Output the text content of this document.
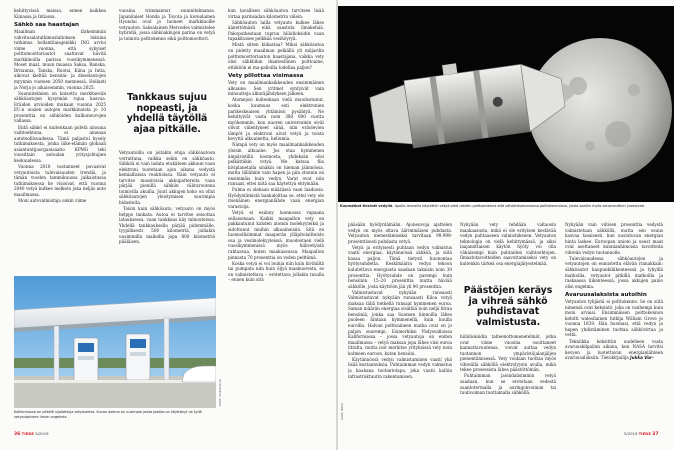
kehittyvissä maissa, ennen kaikkea Kiinassa ja Intiassa.

Sähkö saa haastajan

Maailman tärkeimmän vahvitusalatutkimuslaitoksen lukuina tutkimus hollantilaisgenikki ING arvioi viime vuonna, että sykyiset polttomoottoriautot saattavat hävitä markkinoilla parissa vuosikymmenessä. Moset maat, muun muassa Saksa, Ranska, Britannia, Tanska, Ruotsi, Kiina ja Intia, aikovat kieltää bensiini- ja dieselautojen myynnin vuoteen 2050 mennessä, Hollanti ja Norja jo aikaisemmin, vuonna 2025.

Suunnitelmien on katsottu merkitsevän sähköautojen kysynnän rajua kasvua. Eräiden arvioiden mukaan vuonna 2025 EU:n uusien autojen markkinoista jo 10 prosenttia on sähköiden kulkuneuvojen vallassa.

Entä sähkö ei kuitenkaan pidetä ainoana vaihtoehtona, ei aineaan autoteollisuudessa. Tämä paljastui kysely tutkimuksesta, jonka liike-elämän globaali asiantuntijaorganisaatio KPMG teki vuosittain autoalan yritysjohtajien keskuudessa.

Vuonna 2018 vastanneet povasivat vetyautoista tulevaisuuden trendiä, ja tämän vuoden tammikuussa julkaistussa tutkimuksessa he visioivat, että vuonna 2040 vetyä kulkee melkein joka neljäs auto maailmassa.

Moni autovalmistaja onkin viime

vuosina trimmannut suunnitelmansa. Japanilaiset Honda ja Toyota ja korealainen Hyundai ovat jo tuoneet markkinoille vetyauton. Saksalainen Mercedes valmistelee hybridiä, jossa sähköakkujen parina on vetyä ja toimiva polttokenno eikä polttomoottori.

Tankkaus sujuu nopeasti, ja yhdellä täytöllä ajaa pitkälle.

Vetyautoilla on joitakin etuja sähköautoon verrattuna, vaikka sekin on sähköauto. Sähköä ei vain ladata etukäteen akkuun vaan elektroni tuotetaan ajon aikana vedystä kemiallisissa reaktioissa. Näin vetyauto ei tarvitse massiivisia akkupattereita vaan pärjää pienillä sähkön väliraroutena toimivilla akuilla. Juuri akkujen koko on ollut sähköautojen yleistymisen suurimpia hidasteita.

Toisin kuin sähköauto, vetyauto on myös helppo tankata. Autoa ei tarvitse seisottaa latauksessa, vaan tankkaus käy minuuteissa. Yhdellä tankkauksella pärjää pidemmälle, tyypillisesti 500 kilometriä, joillakin uusimmilla malleilla jopa 800 kilometriä pääläisen,

kun tavallisen sähköauton tarvitsee lisää virtaa parinsadan kilometrin välein.

Sähköauton lailla vetyauto kulkee lähes äänettömästi eikä saastuta ilmakehää. Pakoputkestaan tupruu hiilidioksidin vaan tupakituisee pelkkää vesihöyryä.

Mistä sitten kiikastaa? Miksi sähköautoa on pidetty maailman pelkällä yli miljardin polttomoottoriauton haastajana, vaikka vety olisi sähkliikin ihanteellinen polttoaine, ettäköön ei ma-palloilla todellaa paljon?

Vety piilottaa visimassa

Vety on maailmankaikkeuden ensimmäinen alkuaine. Sen yritmet syntyivät vain minuutteja alkuräjähdyksen jälkeen.

Atomejosi kuitenkaan vielä muodostunut, koska kuumuus esti elektronien parikeskeaisen yhtämissi pysähtyä. Ne kehittyivät vasta noin 380 000 vuotta myöhemmin, kun nuoren universumin oivät olivat viilentyneet siinä, niin eräolevien lämpöt ja elektroni aivat vetyä ja toista kevyttä alkuainetta, heliumia.

Nämpä vety on myös maailmankaikkeuden yleisin alkuaine. Jos otaa kymmenen ämpäristillä kosmosta, yhdeksän olisi pelkättäkin vetyä. Me katsaa flia kiviplanetalla sinäkin on hieman jäännössa, mutta tällähkin vain hapen ja piin stonnin on ensimmäis kuin vedyn. Varat ovat niin runsaat, ettei niitä saa käytettyä ehtymään.

Pulma ei olekaan määrässä vaan laadussa. Hyödyntämistä hankaloittaa se, ettei vety ole itsenäinen energianlähde vaan energian varastoija.

Vetyä ei esiinny luonnossa vapaana sellaisenaan. Kaikki maapallon vety on pakkautunut kahden atomin molekyyleiksi ja sidottunut muihin alkuaineisiin. Sitä on luonnollisimmat maaperän ylläpitolaitteisto osa ja vesimolekyyleissä, muodostaen vielä vuosikymmenissä myös hiilivetyistä rahtaavaa, kuten maakaasussa. Maapallon pinnasta 70 prosenttia on veden peittämä.

Koska vetyä ei voi louhia niin kuin kivihiiltä tai pumpata niin kuin öljyä maakuoresta, se on valmistettava – erotettava jollakin tavalla – ennen kuin sitä

Kaliforniassa on pitkälti sijoitettuja vetyasemia. Kuvan asema on uusimpia joista Jaakko on käyttänyt ne kyllä vetyautoineen ilman ongelmia.
KUVA: Shutterstock
36 TIEDE 5/2019
Kuumatkat tiesivät vedyllä. Apollo-lennoilla käytettiin vetyä sekä raketin polttoaineena että sähköntuotannossa polttokennoissa, joista saatiin myös astronauttien juomavesi.
KUVA: NASA

pääsään hyödyntämään. Ajoneuvoja ajattelen vedyn on myös oltava äärimmäisen puhdasta. Vetyauton menestämiseksi tarvitaan 99,999-prosenttisesti puhdasta vetyä.

Vetyä ja erityisesti puhtaan vedyn valmistus vaatii energiaa, käytännössä sähköä, ja siitä kasaa paljon. Tämä tietysti huonontaa hyötysuhdetta. Keskimäärin vedyn tekoon kulutettava energiasta saadaan takaisin noin 30 prosenttia. Hyötysuhde on parempi kuin bensiinin 15–20 prosenttia mutta häviää sähkölle, josta käyttöön jää yli 90 prosenttia.

Valmistustavat nykyään runsaasti Valmistustavat nykyään runsaasti Kiloa vetyä maksaa tällä hetkellä runsaat kymmenen euroa. Saman määrän energiaa sisältää noin neljä litraa bensiiniä, jonka saa Suomen hinnoilla lähes puoleen hintaan kymmenellä, kuin kuulla euroilla. Halvan polttoaineen matka ovat on jo paljon suurempi. Esimerkiksi Yhdysvalloissa Kaliforniassa – jossa vetyautoja on eniten maailmassa – vetyä maksaa jopa lähes viisi euroa litralta, mutta isot merkitse yrityksissä vety noin kolmeen euroon, kuten bensiini.

Käytännössä vedyn valmistaminen vaatii yhä lisää kustannuksia. Puhtaimman vedyn valmistus ja kaukana tuotantotapa, joka vaatii kalliin infrastruktuurin rakentamisen.

Nykyään vety tehdään valtaosin maakaasusta, mikä ei ole erityisen kestävää vedyn puhtaaseen valmistukseen. Vetyauton teknologia on vielä kehittymässä, ja siksi laajamittaisen käytön hyöty voi olla vähäisempi kuin puhtaiden vaihtoehtojen. Ilmastotavoitteiden saavuttamiseksi vety on kuitenkin tärkeä osa energiajärjestelmää.

Päästöjen keräys ja vihreä sähkö puhdistavat valmistusta.

hiilidioksidin talteenottomenetelmät, jotka ovat viime vuosina osoittaneet kannattavuutensa, voivat auttaa vedyn tuotannon ympäristöjalanjäljen pienentämisessä. Vety voidaan tuottaa myös vihreällä sähköllä elektrolyysin avulla, mikä tekee prosessista lähes päästöttömän.

Puhtaimman jaoindalisimmin vetyä saadaan, kun se erotetaan vedestä saantotermalla ja auringonvoiman tai tuulivoiman tuottamalla sähköllä.

Nykyään vain viitisen prosenttia vedystä valmistetaan sähköllä, mutta sen osuus kasvaa tasaisesti, kun uusiutuvan energian hinta laskee. Euroopan unioni ja useat maat ovat asettaneet kunnianhimoisia tavoitteita vihreän vedyn tuotannolle.

Tulevaisuudessa sähköautojen ja vetyautojen on ennustettu elävän rinnakkain: sähköautot kaupunkiliikenteessä ja lyhyillä matkoilla, vetyautot pitkillä matkoilla ja raskaassa liikenteessä, jossa akkujen paino olisi ongelma.

Avaruusalaksista autoihin

Vetyauton tyhjästä ei polttokenno. Se on siitä nimensä ovat keksintö, joka on vanhempi kuin moni arvaisi. Ensimmäisen polttokennon kehitti walesilainen tutkija William Grove jo vuonna 1839. Hän huomasi, että vedyn ja hapen yhdistäminen tuottaa sähkövirtaa ja vettä.

Tekniikka keksittiin uudelleen vasta avaruuskilpailun aikana, kun NASA tarvitsi kevyen ja luotettavan energianlähteen avaruusaluksiin. Tietokirjailija Jukka Vor-

5/2019 TIEDE 37
